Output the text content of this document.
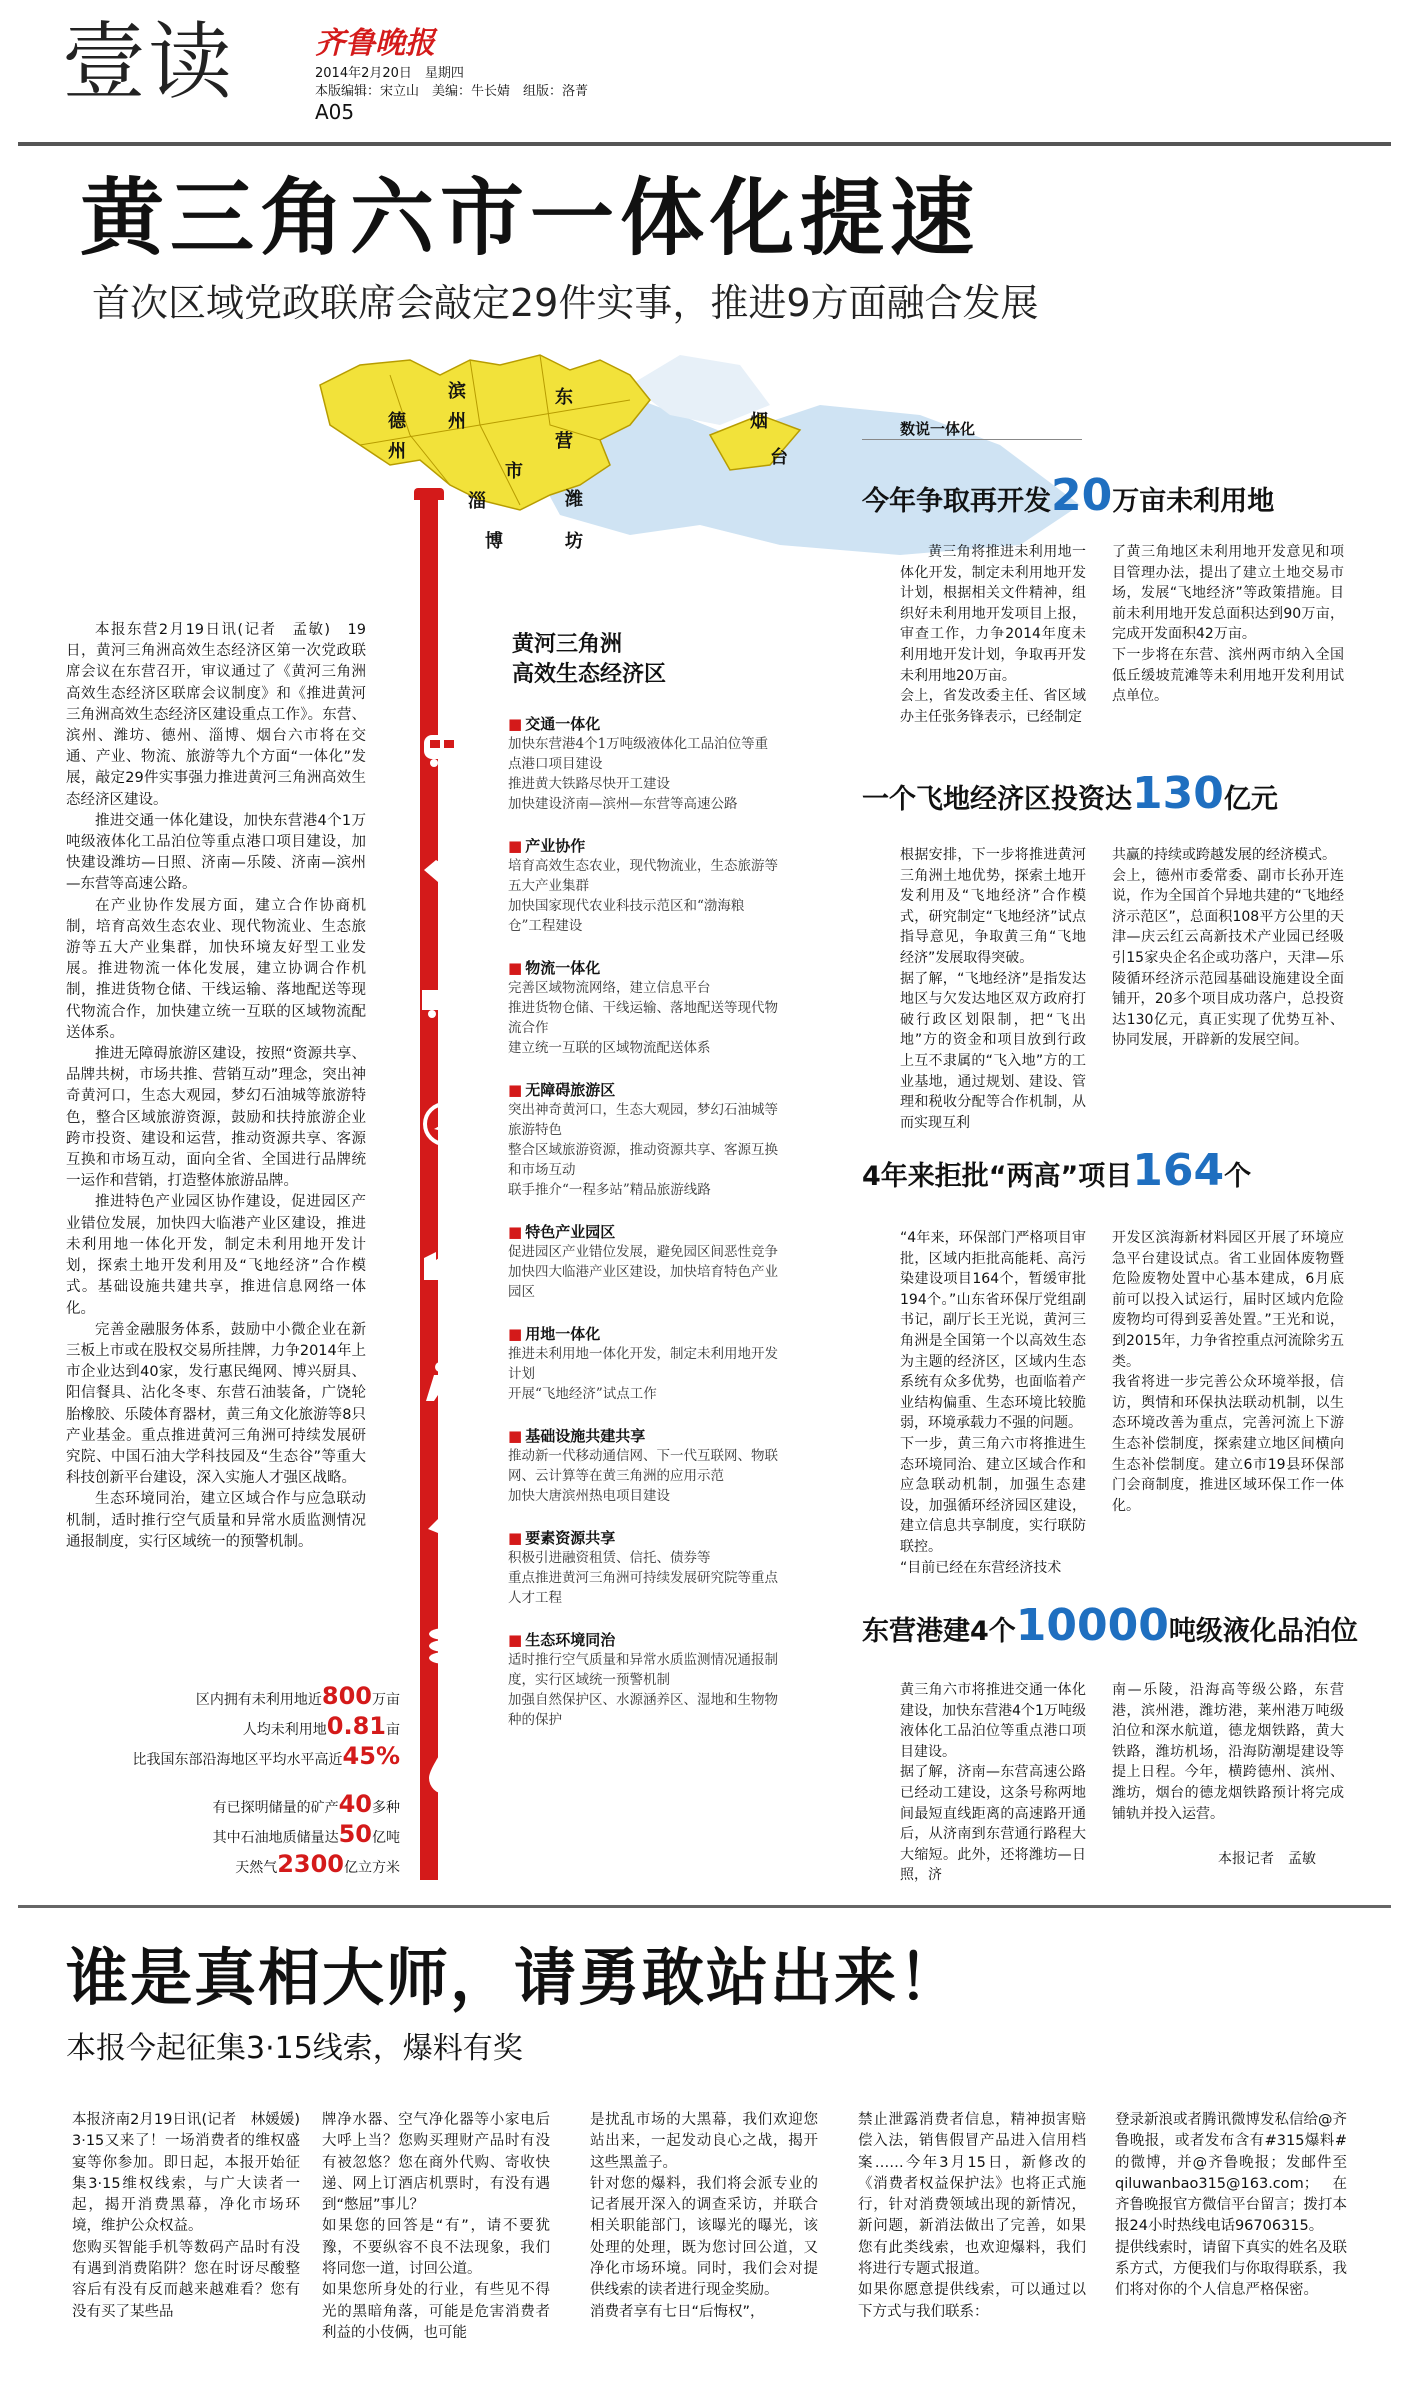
壹读	齐鲁晚报
2014年2月20日　星期四
本版编辑：宋立山　美编：牛长婧　组版：洛菁
A05
黄三角六市一体化提速
首次区域党政联席会敲定29件实事，推进9方面融合发展
滨
德
东
营
市
州
州
淄
博
潍
坊
烟
台
黄河三角洲
高效生态经济区

本报东营2月19日讯(记者　孟敏)　19日，黄河三角洲高效生态经济区第一次党政联席会议在东营召开，审议通过了《黄河三角洲高效生态经济区联席会议制度》和《推进黄河三角洲高效生态经济区建设重点工作》。东营、滨州、潍坊、德州、淄博、烟台六市将在交通、产业、物流、旅游等九个方面“一体化”发展，敲定29件实事强力推进黄河三角洲高效生态经济区建设。

推进交通一体化建设，加快东营港4个1万吨级液体化工品泊位等重点港口项目建设，加快建设潍坊—日照、济南—乐陵、济南—滨州—东营等高速公路。

在产业协作发展方面，建立合作协商机制，培育高效生态农业、现代物流业、生态旅游等五大产业集群，加快环境友好型工业发展。推进物流一体化发展，建立协调合作机制，推进货物仓储、干线运输、落地配送等现代物流合作，加快建立统一互联的区域物流配送体系。

推进无障碍旅游区建设，按照“资源共享、品牌共树，市场共推、营销互动”理念，突出神奇黄河口，生态大观园，梦幻石油城等旅游特色，整合区域旅游资源，鼓励和扶持旅游企业跨市投资、建设和运营，推动资源共享、客源互换和市场互动，面向全省、全国进行品牌统一运作和营销，打造整体旅游品牌。

推进特色产业园区协作建设，促进园区产业错位发展，加快四大临港产业区建设，推进未利用地一体化开发，制定未利用地开发计划，探索土地开发利用及“飞地经济”合作模式。基础设施共建共享，推进信息网络一体化。

完善金融服务体系，鼓励中小微企业在新三板上市或在股权交易所挂牌，力争2014年上市企业达到40家，发行惠民绳网、博兴厨具、阳信餐具、沾化冬枣、东营石油装备，广饶轮胎橡胶、乐陵体育器材，黄三角文化旅游等8只产业基金。重点推进黄河三角洲可持续发展研究院、中国石油大学科技园及“生态谷”等重大科技创新平台建设，深入实施人才强区战略。

生态环境同治，建立区域合作与应急联动机制，适时推行空气质量和异常水质监测情况通报制度，实行区域统一的预警机制。

■ 交通一体化
加快东营港4个1万吨级液体化工品泊位等重点港口项目建设
推进黄大铁路尽快开工建设
加快建设济南—滨州—东营等高速公路
■ 产业协作
培育高效生态农业，现代物流业，生态旅游等五大产业集群
加快国家现代农业科技示范区和“渤海粮仓”工程建设
■ 物流一体化
完善区域物流网络，建立信息平台
推进货物仓储、干线运输、落地配送等现代物流合作
建立统一互联的区域物流配送体系
■ 无障碍旅游区
突出神奇黄河口，生态大观园，梦幻石油城等旅游特色
整合区域旅游资源，推动资源共享、客源互换和市场互动
联手推介“一程多站”精品旅游线路
■ 特色产业园区
促进园区产业错位发展，避免园区间恶性竞争
加快四大临港产业区建设，加快培育特色产业园区
■ 用地一体化
推进未利用地一体化开发，制定未利用地开发计划
开展“飞地经济”试点工作
■ 基础设施共建共享
推动新一代移动通信网、下一代互联网、物联网、云计算等在黄三角洲的应用示范
加快大唐滨州热电项目建设
■ 要素资源共享
积极引进融资租赁、信托、债券等
重点推进黄河三角洲可持续发展研究院等重点人才工程
■ 生态环境同治
适时推行空气质量和异常水质监测情况通报制度，实行区域统一预警机制
加强自然保护区、水源涵养区、湿地和生物物种的保护
区内拥有未利用地近800万亩
人均未利用地0.81亩
比我国东部沿海地区平均水平高近45%
有已探明储量的矿产40多种
其中石油地质储量达50亿吨
天然气2300亿立方米
数说一体化
今年争取再开发20万亩未利用地
黄三角将推进未利用地一体化开发，制定未利用地开发计划，根据相关文件精神，组织好未利用地开发项目上报，审查工作，力争2014年度未利用地开发计划，争取再开发未利用地20万亩。
会上，省发改委主任、省区域办主任张务锋表示，已经制定
了黄三角地区未利用地开发意见和项目管理办法，提出了建立土地交易市场，发展“飞地经济”等政策措施。目前未利用地开发总面积达到90万亩，完成开发面积42万亩。
下一步将在东营、滨州两市纳入全国低丘缓坡荒滩等未利用地开发利用试点单位。
一个飞地经济区投资达130亿元
根据安排，下一步将推进黄河三角洲土地优势，探索土地开发利用及“飞地经济”合作模式，研究制定“飞地经济”试点指导意见，争取黄三角“飞地经济”发展取得突破。
据了解，“飞地经济”是指发达地区与欠发达地区双方政府打破行政区划限制，把“飞出地”方的资金和项目放到行政上互不隶属的“飞入地”方的工业基地，通过规划、建设、管理和税收分配等合作机制，从而实现互利
共赢的持续或跨越发展的经济模式。
会上，德州市委常委、副市长孙开连说，作为全国首个异地共建的“飞地经济示范区”，总面积108平方公里的天津—庆云红云高新技术产业园已经吸引15家央企名企或功落户，天津—乐陵循环经济示范园基础设施建设全面铺开，20多个项目成功落户，总投资达130亿元，真正实现了优势互补、协同发展，开辟新的发展空间。
4年来拒批“两高”项目164个
“4年来，环保部门严格项目审批，区域内拒批高能耗、高污染建设项目164个，暂缓审批194个。”山东省环保厅党组副书记，副厅长王光说，黄河三角洲是全国第一个以高效生态为主题的经济区，区域内生态系统有众多优势，也面临着产业结构偏重、生态环境比较脆弱，环境承载力不强的问题。
下一步，黄三角六市将推进生态环境同治、建立区域合作和应急联动机制，加强生态建设，加强循环经济园区建设，建立信息共享制度，实行联防联控。
“目前已经在东营经济技术
开发区滨海新材料园区开展了环境应急平台建设试点。省工业固体废物暨危险废物处置中心基本建成，6月底前可以投入试运行，届时区域内危险废物均可得到妥善处置。”王光和说，到2015年，力争省控重点河流除劣五类。
我省将进一步完善公众环境举报，信访，舆情和环保执法联动机制，以生态环境改善为重点，完善河流上下游生态补偿制度，探索建立地区间横向生态补偿制度。建立6市19县环保部门会商制度，推进区域环保工作一体化。
东营港建4个10000吨级液化品泊位
黄三角六市将推进交通一体化建设，加快东营港4个1万吨级液体化工品泊位等重点港口项目建设。
据了解，济南—东营高速公路已经动工建设，这条号称两地间最短直线距离的高速路开通后，从济南到东营通行路程大大缩短。此外，还将潍坊—日照，济
南—乐陵，沿海高等级公路，东营港，滨州港，潍坊港，莱州港万吨级泊位和深水航道，德龙烟铁路，黄大铁路，潍坊机场，沿海防潮堤建设等提上日程。今年，横跨德州、滨州、潍坊，烟台的德龙烟铁路预计将完成铺轨并投入运营。
本报记者　孟敏
谁是真相大师，请勇敢站出来！
本报今起征集3·15线索，爆料有奖
本报济南2月19日讯(记者　林媛媛)　3·15又来了！一场消费者的维权盛宴等你参加。即日起，本报开始征集3·15维权线索，与广大读者一起，揭开消费黑幕，净化市场环境，维护公众权益。
您购买智能手机等数码产品时有没有遇到消费陷阱？您在时讶尽酸整容后有没有反而越来越难看？您有没有买了某些品
牌净水器、空气净化器等小家电后大呼上当？您购买理财产品时有没有被忽悠？您在商外代购、寄收快递、网上订酒店机票时，有没有遇到“憋屈”事儿？
如果您的回答是“有”，请不要犹豫，不要纵容不良不法现象，我们将同您一道，讨回公道。
如果您所身处的行业，有些见不得光的黑暗角落，可能是危害消费者利益的小伎俩，也可能
是扰乱市场的大黑幕，我们欢迎您站出来，一起发动良心之战，揭开这些黑盖子。
针对您的爆料，我们将会派专业的记者展开深入的调查采访，并联合相关职能部门，该曝光的曝光，该处理的处理，既为您讨回公道，又净化市场环境。同时，我们会对提供线索的读者进行现金奖励。
消费者享有七日“后悔权”，
禁止泄露消费者信息，精神损害赔偿入法，销售假冒产品进入信用档案……今年3月15日，新修改的《消费者权益保护法》也将正式施行，针对消费领域出现的新情况，新问题，新消法做出了完善，如果您有此类线索，也欢迎爆料，我们将进行专题式报道。
如果你愿意提供线索，可以通过以下方式与我们联系：
登录新浪或者腾讯微博发私信给@齐鲁晚报，或者发布含有#315爆料#的微博，并@齐鲁晚报；发邮件至qiluwanbao315@163.com；在齐鲁晚报官方微信平台留言；拨打本报24小时热线电话96706315。
提供线索时，请留下真实的姓名及联系方式，方便我们与你取得联系，我们将对你的个人信息严格保密。
